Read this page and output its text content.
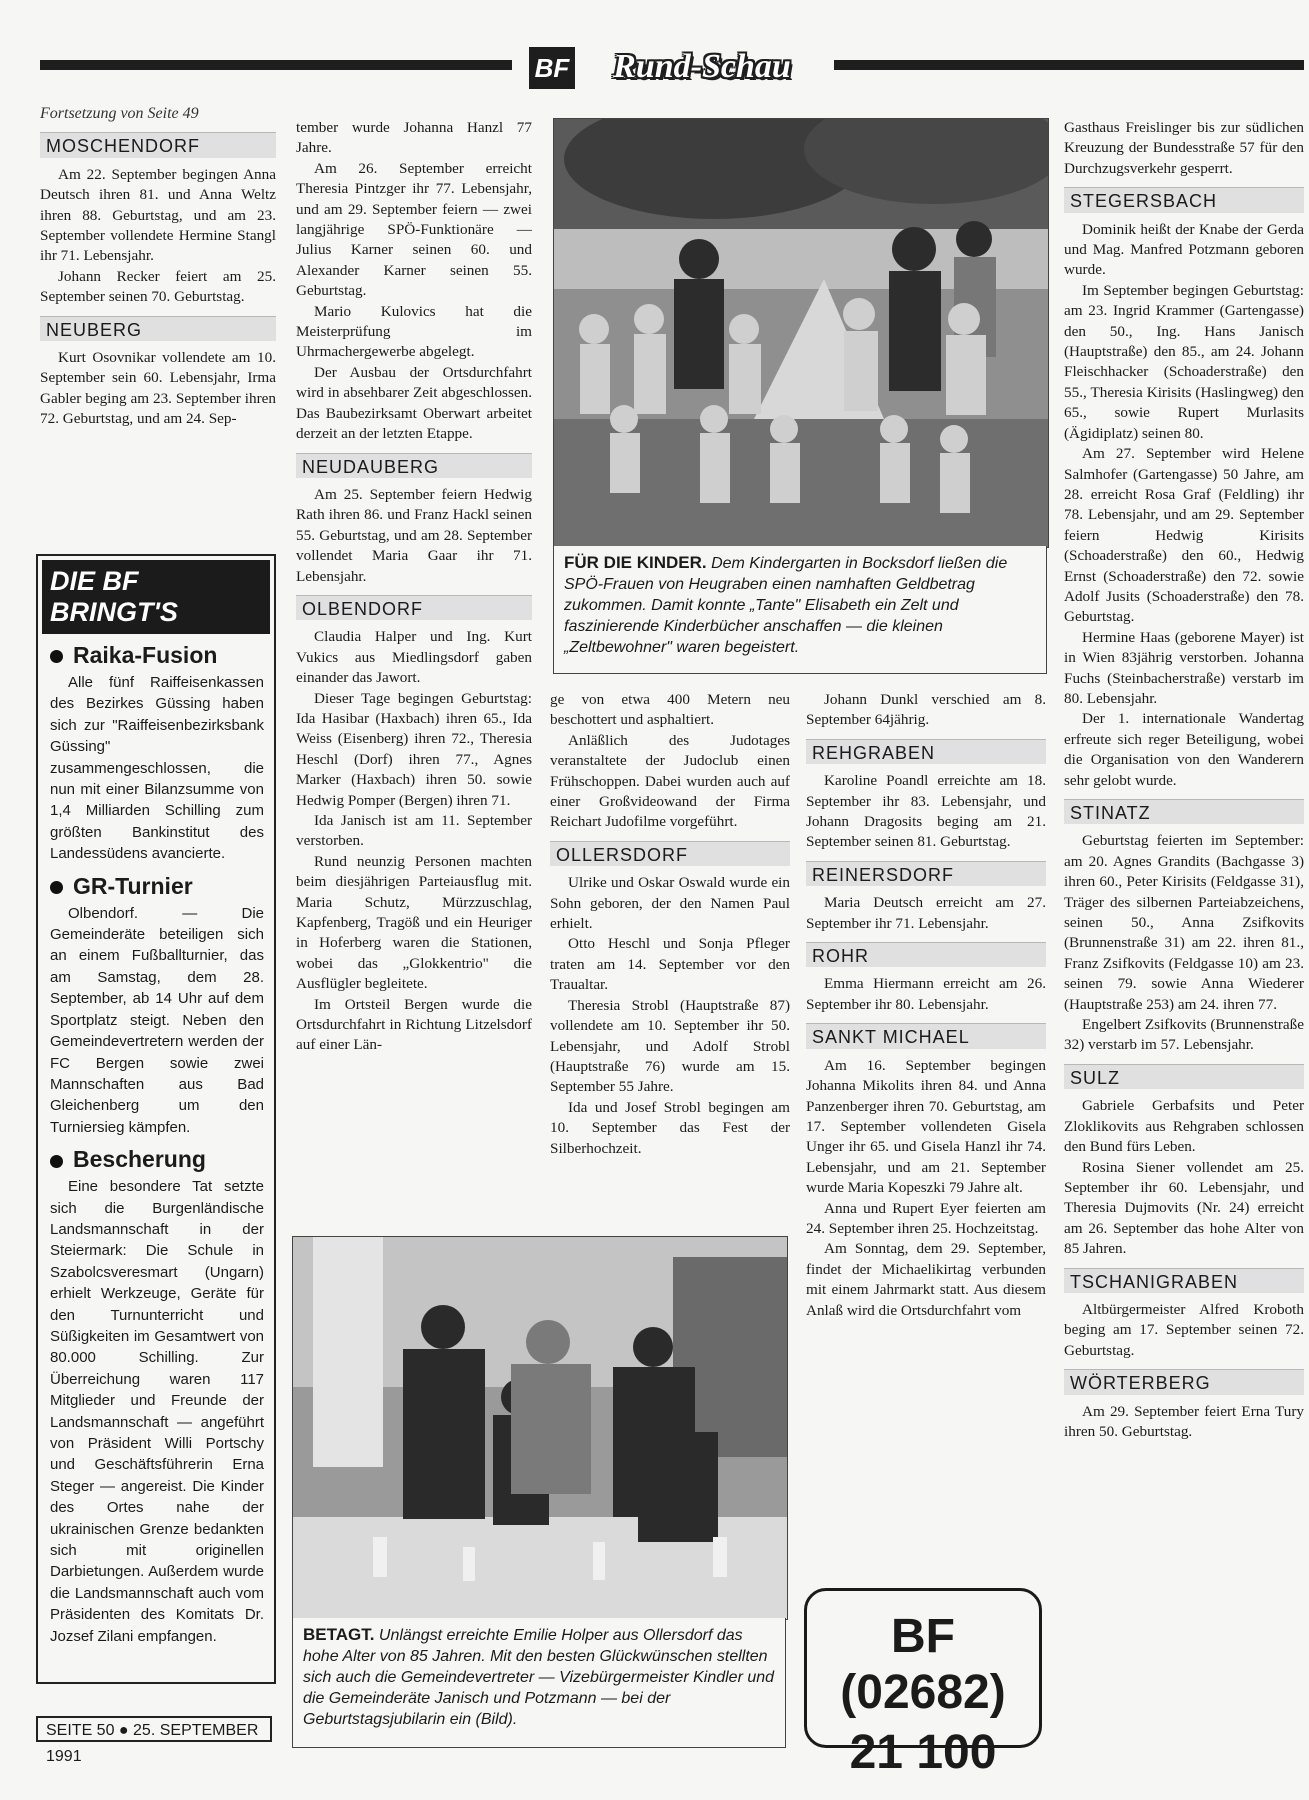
BF	Rund-Schau
Fortsetzung von Seite 49
MOSCHENDORF

Am 22. September begingen Anna Deutsch ihren 81. und Anna Weltz ihren 88. Geburtstag, und am 23. September vollendete Hermine Stangl ihr 71. Lebensjahr.

Johann Recker feiert am 25. September seinen 70. Geburtstag.

NEUBERG

Kurt Osovnikar vollendete am 10. September sein 60. Lebensjahr, Irma Gabler beging am 23. September ihren 72. Geburtstag, und am 24. Sep-

DIE BF BRINGT'S
Raika-Fusion

Alle fünf Raiffeisenkassen des Bezirkes Güssing haben sich zur "Raiffeisenbezirksbank Güssing" zusammengeschlossen, die nun mit einer Bilanzsumme von 1,4 Milliarden Schilling zum größten Bankinstitut des Landessüdens avancierte.

GR-Turnier

Olbendorf. — Die Gemeinderäte beteiligen sich an einem Fußballturnier, das am Samstag, dem 28. September, ab 14 Uhr auf dem Sportplatz steigt. Neben den Gemeindevertretern werden der FC Bergen sowie zwei Mannschaften aus Bad Gleichenberg um den Turniersieg kämpfen.

Bescherung

Eine besondere Tat setzte sich die Burgenländische Landsmannschaft in der Steiermark: Die Schule in Szabolcsveresmart (Ungarn) erhielt Werkzeuge, Geräte für den Turnunterricht und Süßigkeiten im Gesamtwert von 80.000 Schilling. Zur Überreichung waren 117 Mitglieder und Freunde der Landsmannschaft — angeführt von Präsident Willi Portschy und Geschäftsführerin Erna Steger — angereist. Die Kinder des Ortes nahe der ukrainischen Grenze bedankten sich mit originellen Darbietungen. Außerdem wurde die Landsmannschaft auch vom Präsidenten des Komitats Dr. Jozsef Zilani empfangen.

SEITE 50 ● 25. SEPTEMBER 1991

tember wurde Johanna Hanzl 77 Jahre.

Am 26. September erreicht Theresia Pintzger ihr 77. Lebensjahr, und am 29. September feiern — zwei langjährige SPÖ-Funktionäre — Julius Karner seinen 60. und Alexander Karner seinen 55. Geburtstag.

Mario Kulovics hat die Meisterprüfung im Uhrmachergewerbe abgelegt.

Der Ausbau der Ortsdurchfahrt wird in absehbarer Zeit abgeschlossen. Das Baubezirksamt Oberwart arbeitet derzeit an der letzten Etappe.

NEUDAUBERG

Am 25. September feiern Hedwig Rath ihren 86. und Franz Hackl seinen 55. Geburtstag, und am 28. September vollendet Maria Gaar ihr 71. Lebensjahr.

OLBENDORF

Claudia Halper und Ing. Kurt Vukics aus Miedlingsdorf gaben einander das Jawort.

Dieser Tage begingen Geburtstag: Ida Hasibar (Haxbach) ihren 65., Ida Weiss (Eisenberg) ihren 72., Theresia Heschl (Dorf) ihren 77., Agnes Marker (Haxbach) ihren 50. sowie Hedwig Pomper (Bergen) ihren 71.

Ida Janisch ist am 11. September verstorben.

Rund neunzig Personen machten beim diesjährigen Parteiausflug mit. Maria Schutz, Mürzzuschlag, Kapfenberg, Tragöß und ein Heuriger in Hoferberg waren die Stationen, wobei das „Glokkentrio" die Ausflügler begleitete.

Im Ortsteil Bergen wurde die Ortsdurchfahrt in Richtung Litzelsdorf auf einer Län-

FÜR DIE KINDER. Dem Kindergarten in Bocksdorf ließen die SPÖ-Frauen von Heugraben einen namhaften Geldbetrag zukommen. Damit konnte „Tante" Elisabeth ein Zelt und faszinierende Kinderbücher anschaffen — die kleinen „Zeltbewohner" waren begeistert.

ge von etwa 400 Metern neu beschottert und asphaltiert.

Anläßlich des Judotages veranstaltete der Judoclub einen Frühschoppen. Dabei wurden auch auf einer Großvideowand der Firma Reichart Judofilme vorgeführt.

OLLERSDORF

Ulrike und Oskar Oswald wurde ein Sohn geboren, der den Namen Paul erhielt.

Otto Heschl und Sonja Pfleger traten am 14. September vor den Traualtar.

Theresia Strobl (Hauptstraße 87) vollendete am 10. September ihr 50. Lebensjahr, und Adolf Strobl (Hauptstraße 76) wurde am 15. September 55 Jahre.

Ida und Josef Strobl begingen am 10. September das Fest der Silberhochzeit.

Johann Dunkl verschied am 8. September 64jährig.

REHGRABEN

Karoline Poandl erreichte am 18. September ihr 83. Lebensjahr, und Johann Dragosits beging am 21. September seinen 81. Geburtstag.

REINERSDORF

Maria Deutsch erreicht am 27. September ihr 71. Lebensjahr.

ROHR

Emma Hiermann erreicht am 26. September ihr 80. Lebensjahr.

SANKT MICHAEL

Am 16. September begingen Johanna Mikolits ihren 84. und Anna Panzenberger ihren 70. Geburtstag, am 17. September vollendeten Gisela Unger ihr 65. und Gisela Hanzl ihr 74. Lebensjahr, und am 21. September wurde Maria Kopeszki 79 Jahre alt.

Anna und Rupert Eyer feierten am 24. September ihren 25. Hochzeitstag.

Am Sonntag, dem 29. September, findet der Michaelikirtag verbunden mit einem Jahrmarkt statt. Aus diesem Anlaß wird die Ortsdurchfahrt vom

BETAGT. Unlängst erreichte Emilie Holper aus Ollersdorf das hohe Alter von 85 Jahren. Mit den besten Glückwünschen stellten sich auch die Gemeindevertreter — Vizebürgermeister Kindler und die Gemeinderäte Janisch und Potzmann — bei der Geburtstagsjubilarin ein (Bild).
BF (02682)
21 100

Gasthaus Freislinger bis zur südlichen Kreuzung der Bundesstraße 57 für den Durchzugsverkehr gesperrt.

STEGERSBACH

Dominik heißt der Knabe der Gerda und Mag. Manfred Potzmann geboren wurde.

Im September begingen Geburtstag: am 23. Ingrid Krammer (Gartengasse) den 50., Ing. Hans Janisch (Hauptstraße) den 85., am 24. Johann Fleischhacker (Schoaderstraße) den 55., Theresia Kirisits (Haslingweg) den 65., sowie Rupert Murlasits (Ägidiplatz) seinen 80.

Am 27. September wird Helene Salmhofer (Gartengasse) 50 Jahre, am 28. erreicht Rosa Graf (Feldling) ihr 78. Lebensjahr, und am 29. September feiern Hedwig Kirisits (Schoaderstraße) den 60., Hedwig Ernst (Schoaderstraße) den 72. sowie Adolf Jusits (Schoaderstraße) den 78. Geburtstag.

Hermine Haas (geborene Mayer) ist in Wien 83jährig verstorben. Johanna Fuchs (Steinbacherstraße) verstarb im 80. Lebensjahr.

Der 1. internationale Wandertag erfreute sich reger Beteiligung, wobei die Organisation von den Wanderern sehr gelobt wurde.

STINATZ

Geburtstag feierten im September: am 20. Agnes Grandits (Bachgasse 3) ihren 60., Peter Kirisits (Feldgasse 31), Träger des silbernen Parteiabzeichens, seinen 50., Anna Zsifkovits (Brunnenstraße 31) am 22. ihren 81., Franz Zsifkovits (Feldgasse 10) am 23. seinen 79. sowie Anna Wiederer (Hauptstraße 253) am 24. ihren 77.

Engelbert Zsifkovits (Brunnenstraße 32) verstarb im 57. Lebensjahr.

SULZ

Gabriele Gerbafsits und Peter Zloklikovits aus Rehgraben schlossen den Bund fürs Leben.

Rosina Siener vollendet am 25. September ihr 60. Lebensjahr, und Theresia Dujmovits (Nr. 24) erreicht am 26. September das hohe Alter von 85 Jahren.

TSCHANIGRABEN

Altbürgermeister Alfred Kroboth beging am 17. September seinen 72. Geburtstag.

WÖRTERBERG

Am 29. September feiert Erna Tury ihren 50. Geburtstag.
